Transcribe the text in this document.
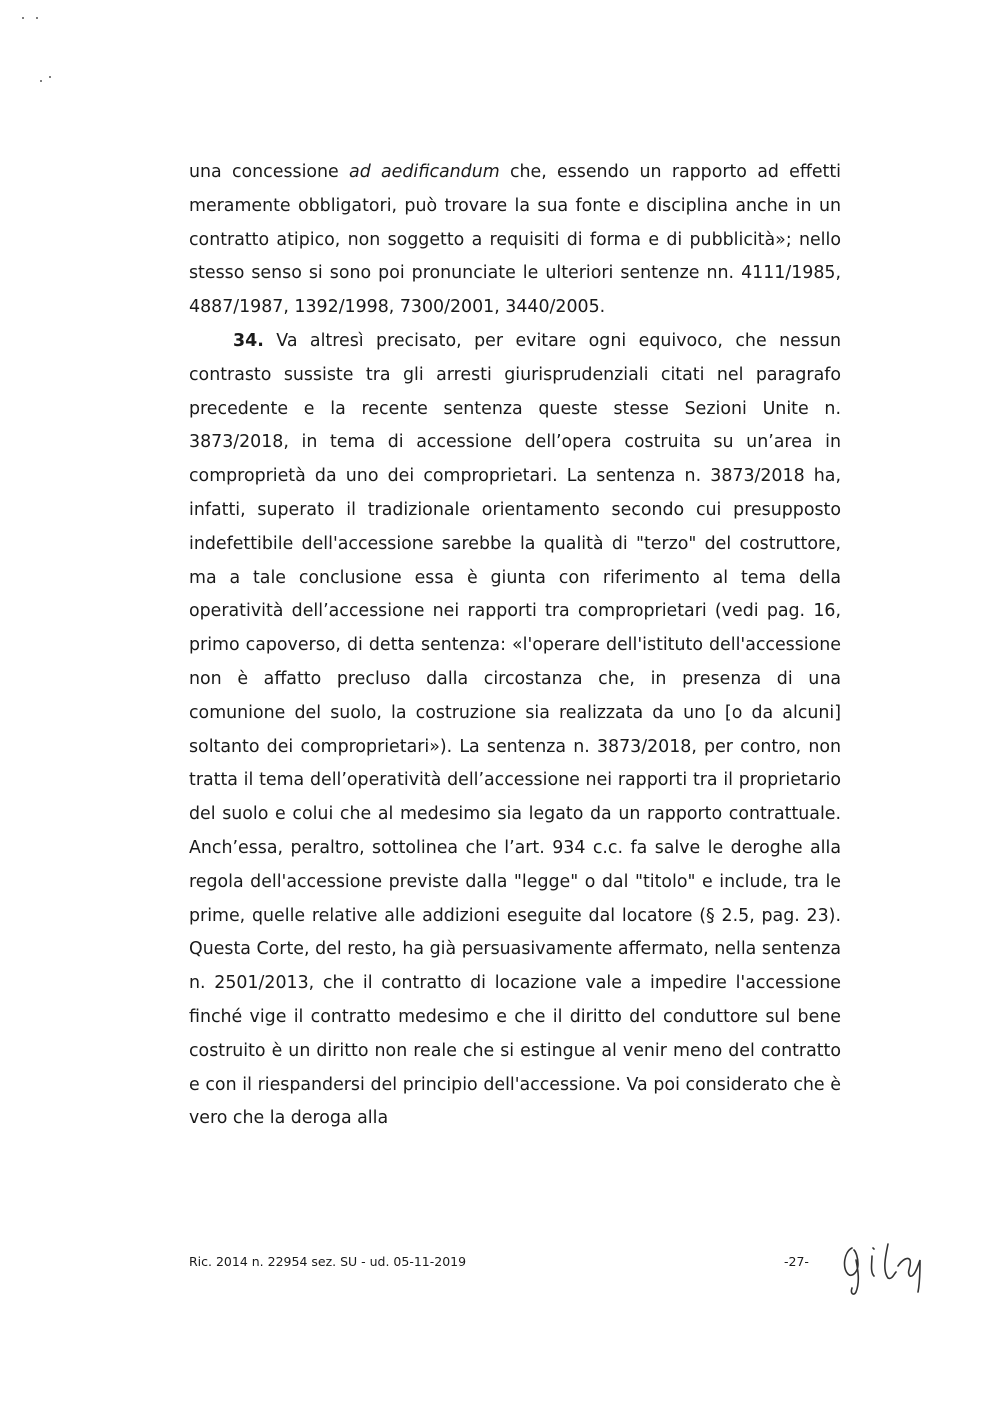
una concessione ad aedificandum che, essendo un rapporto ad effetti meramente obbligatori, può trovare la sua fonte e disciplina anche in un contratto atipico, non soggetto a requisiti di forma e di pubblicità»; nello stesso senso si sono poi pronunciate le ulteriori sentenze nn. 4111/1985, 4887/1987, 1392/1998, 7300/2001, 3440/2005.

34. Va altresì precisato, per evitare ogni equivoco, che nessun contrasto sussiste tra gli arresti giurisprudenziali citati nel paragrafo precedente e la recente sentenza queste stesse Sezioni Unite n. 3873/2018, in tema di accessione dell’opera costruita su un’area in comproprietà da uno dei comproprietari. La sentenza n. 3873/2018 ha, infatti, superato il tradizionale orientamento secondo cui presupposto indefettibile dell'accessione sarebbe la qualità di "terzo" del costruttore, ma a tale conclusione essa è giunta con riferimento al tema della operatività dell’accessione nei rapporti tra comproprietari (vedi pag. 16, primo capoverso, di detta sentenza: «l'operare dell'istituto dell'accessione non è affatto precluso dalla circostanza che, in presenza di una comunione del suolo, la costruzione sia realizzata da uno [o da alcuni] soltanto dei comproprietari»). La sentenza n. 3873/2018, per contro, non tratta il tema dell’operatività dell’accessione nei rapporti tra il proprietario del suolo e colui che al medesimo sia legato da un rapporto contrattuale. Anch’essa, peraltro, sottolinea che l’art. 934 c.c. fa salve le deroghe alla regola dell'accessione previste dalla "legge" o dal "titolo" e include, tra le prime, quelle relative alle addizioni eseguite dal locatore (§ 2.5, pag. 23). Questa Corte, del resto, ha già persuasivamente affermato, nella sentenza n. 2501/2013, che il contratto di locazione vale a impedire l'accessione finché vige il contratto medesimo e che il diritto del conduttore sul bene costruito è un diritto non reale che si estingue al venir meno del contratto e con il riespandersi del principio dell'accessione. Va poi considerato che è vero che la deroga alla

Ric. 2014 n. 22954 sez. SU - ud. 05-11-2019	-27-
